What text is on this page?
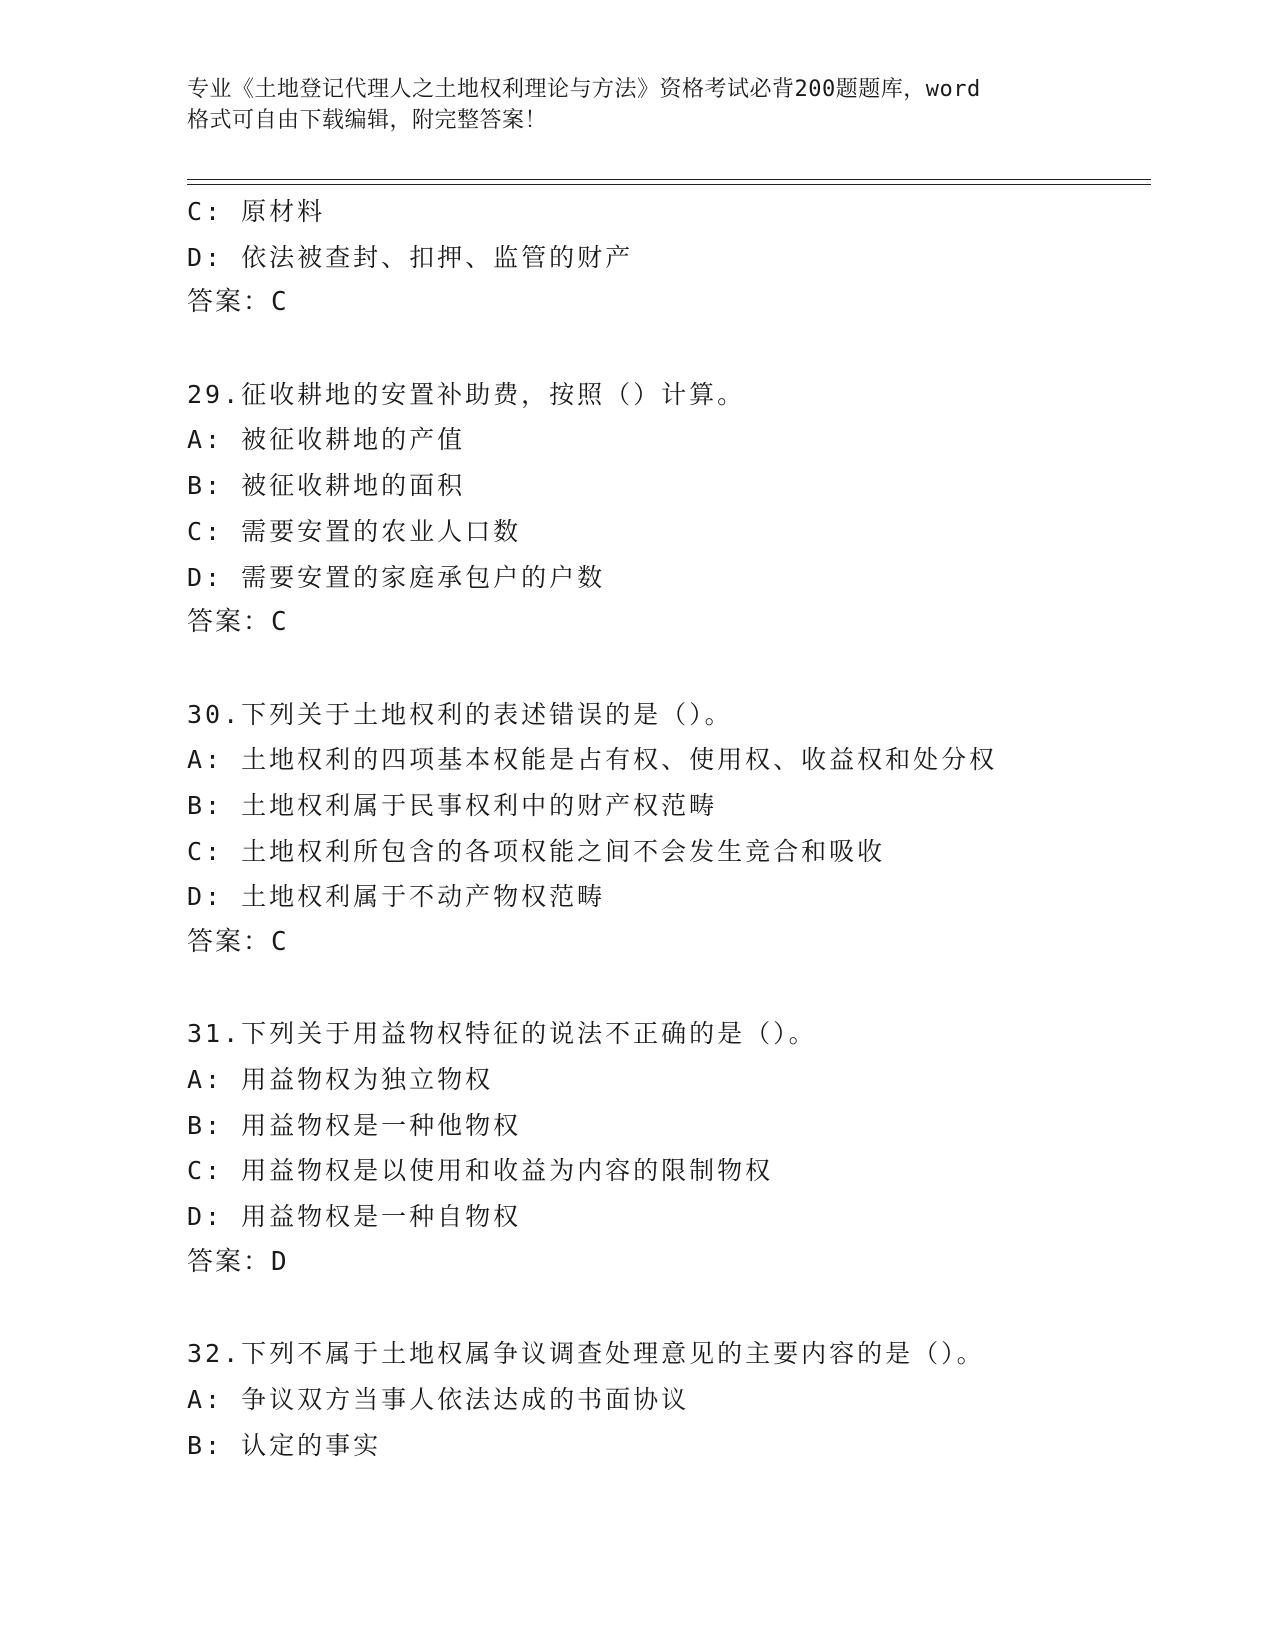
专业《土地登记代理人之土地权利理论与方法》资格考试必背200题题库，word
格式可自由下载编辑，附完整答案！
C: 原材料
D: 依法被查封、扣押、监管的财产
答案：C
29.征收耕地的安置补助费，按照（）计算。
A: 被征收耕地的产值
B: 被征收耕地的面积
C: 需要安置的农业人口数
D: 需要安置的家庭承包户的户数
答案：C
30.下列关于土地权利的表述错误的是（）。
A: 土地权利的四项基本权能是占有权、使用权、收益权和处分权
B: 土地权利属于民事权利中的财产权范畴
C: 土地权利所包含的各项权能之间不会发生竞合和吸收
D: 土地权利属于不动产物权范畴
答案：C
31.下列关于用益物权特征的说法不正确的是（）。
A: 用益物权为独立物权
B: 用益物权是一种他物权
C: 用益物权是以使用和收益为内容的限制物权
D: 用益物权是一种自物权
答案：D
32.下列不属于土地权属争议调查处理意见的主要内容的是（）。
A: 争议双方当事人依法达成的书面协议
B: 认定的事实
